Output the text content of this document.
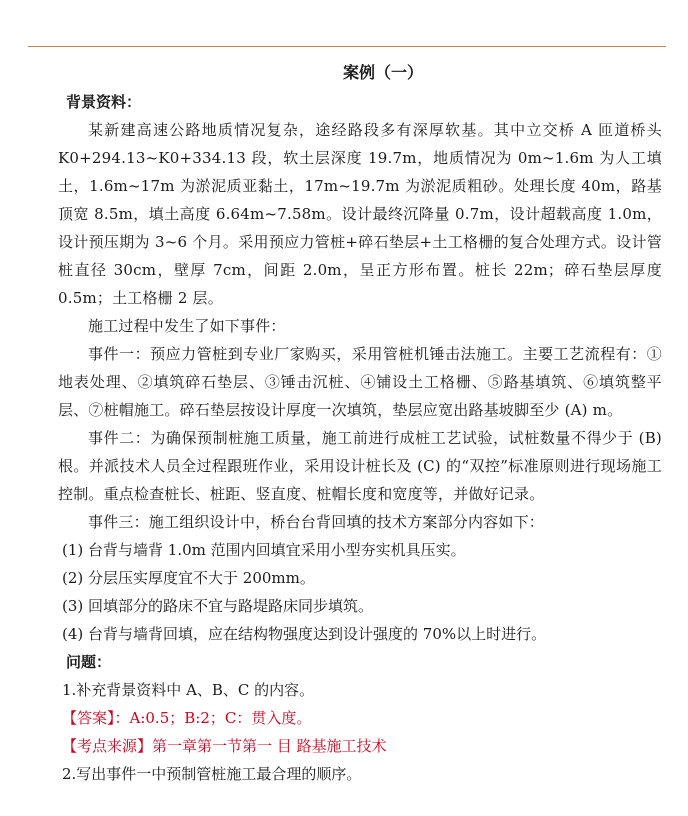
案例（一）
背景资料：

某新建高速公路地质情况复杂，途经路段多有深厚软基。其中立交桥 A 匝道桥头 K0+294.13~K0+334.13 段，软土层深度 19.7m，地质情况为 0m~1.6m 为人工填土，1.6m~17m 为淤泥质亚黏土，17m~19.7m 为淤泥质粗砂。处理长度 40m，路基顶宽 8.5m，填土高度 6.64m~7.58m。设计最终沉降量 0.7m，设计超载高度 1.0m，设计预压期为 3~6 个月。采用预应力管桩+碎石垫层+土工格栅的复合处理方式。设计管桩直径 30cm，壁厚 7cm，间距 2.0m，呈正方形布置。桩长 22m；碎石垫层厚度 0.5m；土工格栅 2 层。

施工过程中发生了如下事件：

事件一：预应力管桩到专业厂家购买，采用管桩机锤击法施工。主要工艺流程有：①地表处理、②填筑碎石垫层、③锤击沉桩、④铺设土工格栅、⑤路基填筑、⑥填筑整平层、⑦桩帽施工。碎石垫层按设计厚度一次填筑，垫层应宽出路基坡脚至少 (A) m。

事件二：为确保预制桩施工质量，施工前进行成桩工艺试验，试桩数量不得少于 (B) 根。并派技术人员全过程跟班作业，采用设计桩长及 (C) 的“双控”标准原则进行现场施工控制。重点检查桩长、桩距、竖直度、桩帽长度和宽度等，并做好记录。

事件三：施工组织设计中，桥台台背回填的技术方案部分内容如下：

(1) 台背与墙背 1.0m 范围内回填宜采用小型夯实机具压实。

(2) 分层压实厚度宜不大于 200mm。

(3) 回填部分的路床不宜与路堤路床同步填筑。

(4) 台背与墙背回填，应在结构物强度达到设计强度的 70%以上时进行。

问题：

1.补充背景资料中 A、B、C 的内容。

【答案】：A:0.5；B:2；C：贯入度。

【考点来源】第一章第一节第一 目 路基施工技术

2.写出事件一中预制管桩施工最合理的顺序。
